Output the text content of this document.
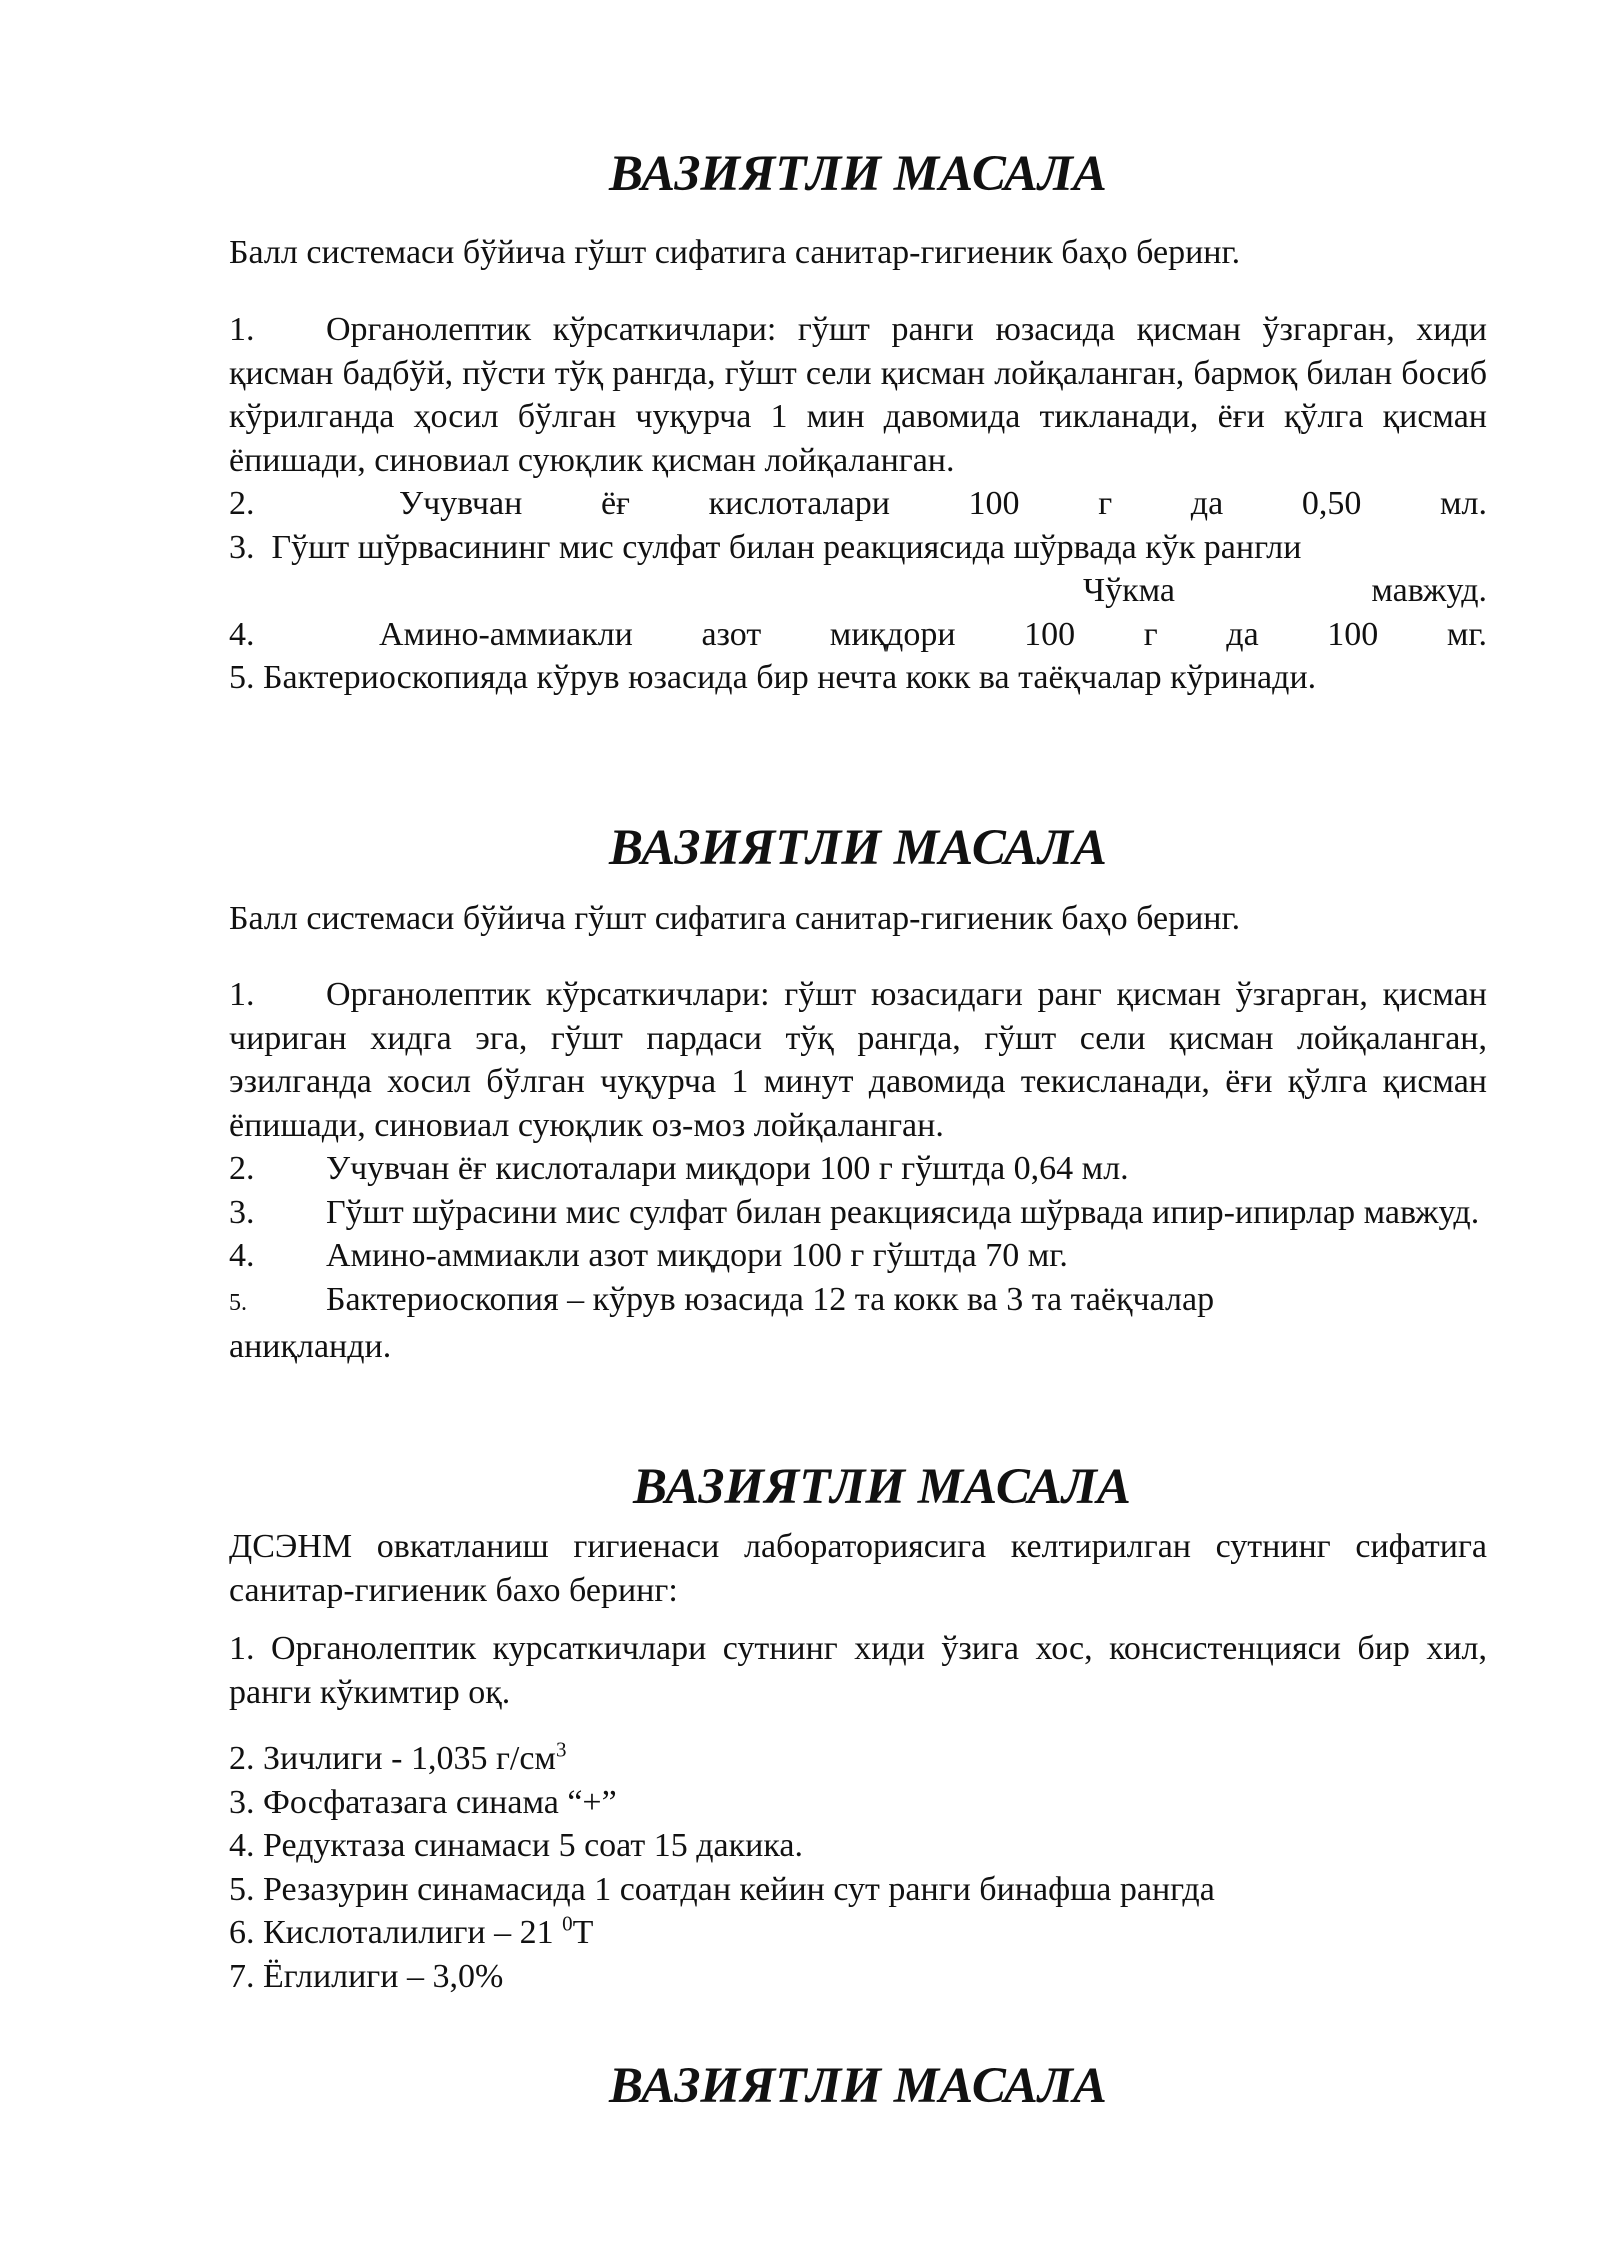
ВАЗИЯТЛИ МАСАЛА

Балл системаси бўйича гўшт сифатига санитар-гигиеник баҳо беринг.

1. Органолептик кўрсаткичлари: гўшт ранги юзасида қисман ўзгарган, хиди қисман бадбўй, пўсти тўқ рангда, гўшт сели қисман лойқаланган, бармоқ билан босиб кўрилганда ҳосил бўлган чуқурча 1 мин давомида тикланади, ёғи қўлга қисман ёпишади, синовиал суюқлик қисман лойқаланган.

2.	Учувчан ёғ кислоталари 100 г да 0,50 мл.

3. Гўшт шўрвасининг мис сулфат билан реакциясида шўрвада кўк рангли

Чўкма	мавжуд.
4.	Амино-аммиакли азот миқдори 100 г да 100 мг.

5. Бактериоскопияда кўрув юзасида бир нечта кокк ва таёқчалар кўринади.

ВАЗИЯТЛИ МАСАЛА

Балл системаси бўйича гўшт сифатига санитар-гигиеник баҳо беринг.

1. Органолептик кўрсаткичлари: гўшт юзасидаги ранг қисман ўзгарган, қисман чириган хидга эга, гўшт пардаси тўқ рангда, гўшт сели қисман лойқаланган, эзилганда хосил бўлган чуқурча 1 минут давомида текисланади, ёғи қўлга қисман ёпишади, синовиал суюқлик оз-моз лойқаланган.

2. Учувчан ёғ кислоталари миқдори 100 г гўштда 0,64 мл.

3. Гўшт шўрасини мис сулфат билан реакциясида шўрвада ипир-ипирлар мавжуд.

4. Амино-аммиакли азот миқдори 100 г гўштда 70 мг.

5. Бактериоскопия – кўрув юзасида 12 та кокк ва 3 та таёқчалар аниқланди.

ВАЗИЯТЛИ МАСАЛА

ДСЭНМ овкатланиш гигиенаси лабораториясига келтирилган сутнинг сифатига санитар-гигиеник бахо беринг:

1. Органолептик курсаткичлари сутнинг хиди ўзига хос, консистенцияси бир хил, ранги кўкимтир оқ.

2. Зичлиги - 1,035 $г/см^3$

3. Фосфатазага синама “+”

4. Редуктаза синамаси 5 соат 15 дакика.

5. Резазурин синамасида 1 соатдан кейин сут ранги бинафша рангда

6. Кислоталилиги – 21 $^0$Т

7. Ёглилиги – 3,0%

ВАЗИЯТЛИ МАСАЛА
